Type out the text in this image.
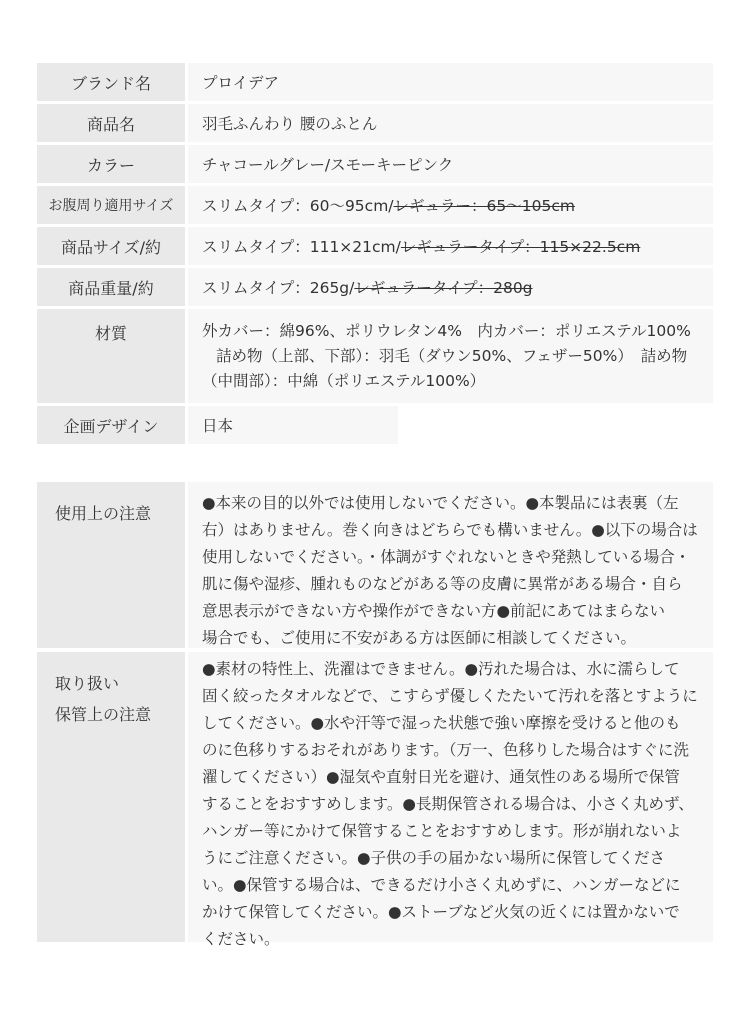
ブランド名	プロイデア
商品名	羽毛ふんわり 腰のふとん
カラー	チャコールグレー/スモーキーピンク
お腹周り適用サイズ	スリムタイプ：60〜95cm/ レギュラー：65〜105cm
商品サイズ/約	スリムタイプ：111×21cm/ レギュラータイプ：115×22.5cm
商品重量/約	スリムタイプ：265g/ レギュラータイプ：280g
材質	外カバー：綿96%、ポリウレタン4%　内カバー：ポリエステル100%
詰め物（上部、下部）：羽毛（ダウン50%、フェザー50%）　詰め物
（中間部）：中綿（ポリエステル100%）
企画デザイン	日本
使用上の注意

●本来の目的以外では使用しないでください。●本製品には表裏（左

右）はありません。巻く向きはどちらでも構いません。●以下の場合は

使用しないでください。・体調がすぐれないときや発熱している場合・

肌に傷や湿疹、腫れものなどがある等の皮膚に異常がある場合・自ら

意思表示ができない方や操作ができない方●前記にあてはまらない

場合でも、ご使用に不安がある方は医師に相談してください。

取り扱い
保管上の注意

●素材の特性上、洗濯はできません。●汚れた場合は、水に濡らして

固く絞ったタオルなどで、こすらず優しくたたいて汚れを落とすように

してください。●水や汗等で湿った状態で強い摩擦を受けると他のも

のに色移りするおそれがあります。（万一、色移りした場合はすぐに洗

濯してください）●湿気や直射日光を避け、通気性のある場所で保管

することをおすすめします。●長期保管される場合は、小さく丸めず、

ハンガー等にかけて保管することをおすすめします。形が崩れないよ

うにご注意ください。●子供の手の届かない場所に保管してくださ

い。●保管する場合は、できるだけ小さく丸めずに、ハンガーなどに

かけて保管してください。●ストーブなど火気の近くには置かないで

ください。
